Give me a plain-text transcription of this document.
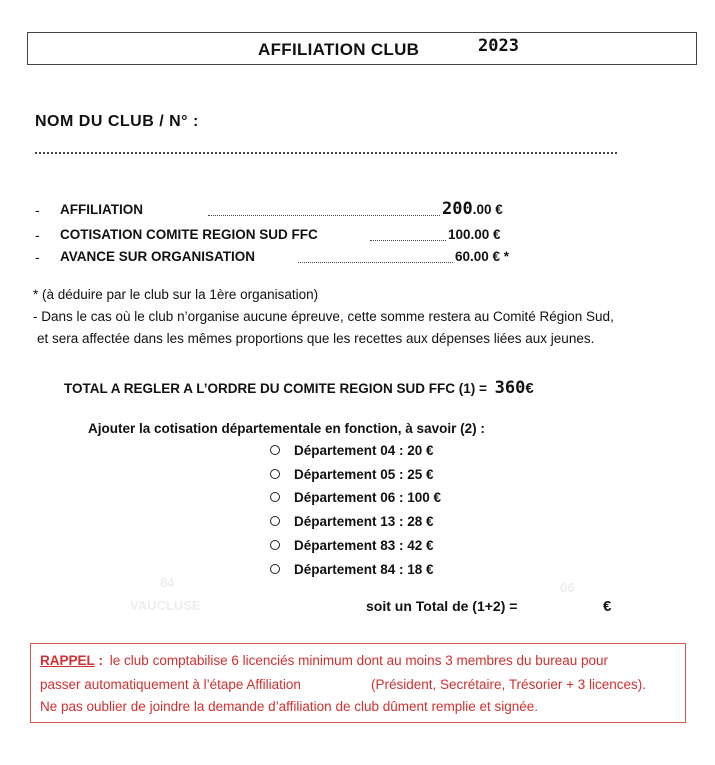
AFFILIATION CLUB	2023
NOM DU CLUB / N° :
- AFFILIATION	200.00 €
- COTISATION COMITE REGION SUD FFC	100.00 €
- AVANCE SUR ORGANISATION	60.00 € *
* (à déduire par le club sur la 1ère organisation)
- Dans le cas où le club n’organise aucune épreuve, cette somme restera au Comité Région Sud,
et sera affectée dans les mêmes proportions que les recettes aux dépenses liées aux jeunes.
TOTAL A REGLER A L’ORDRE DU COMITE REGION SUD FFC (1) = 360€
84
VAUCLUSE
06
Ajouter la cotisation départementale en fonction, à savoir (2) :
Département 04 : 20 €
Département 05 : 25 €
Département 06 : 100 €
Département 13 : 28 €
Département 83 : 42 €
Département 84 : 18 €
soit un Total de (1+2) =	€
RAPPEL : le club comptabilise 6 licenciés minimum dont au moins 3 membres du bureau pour
passer automatiquement à l’étape Affiliation	(Président, Secrétaire, Trésorier + 3 licences).
Ne pas oublier de joindre la demande d’affiliation de club dûment remplie et signée.
